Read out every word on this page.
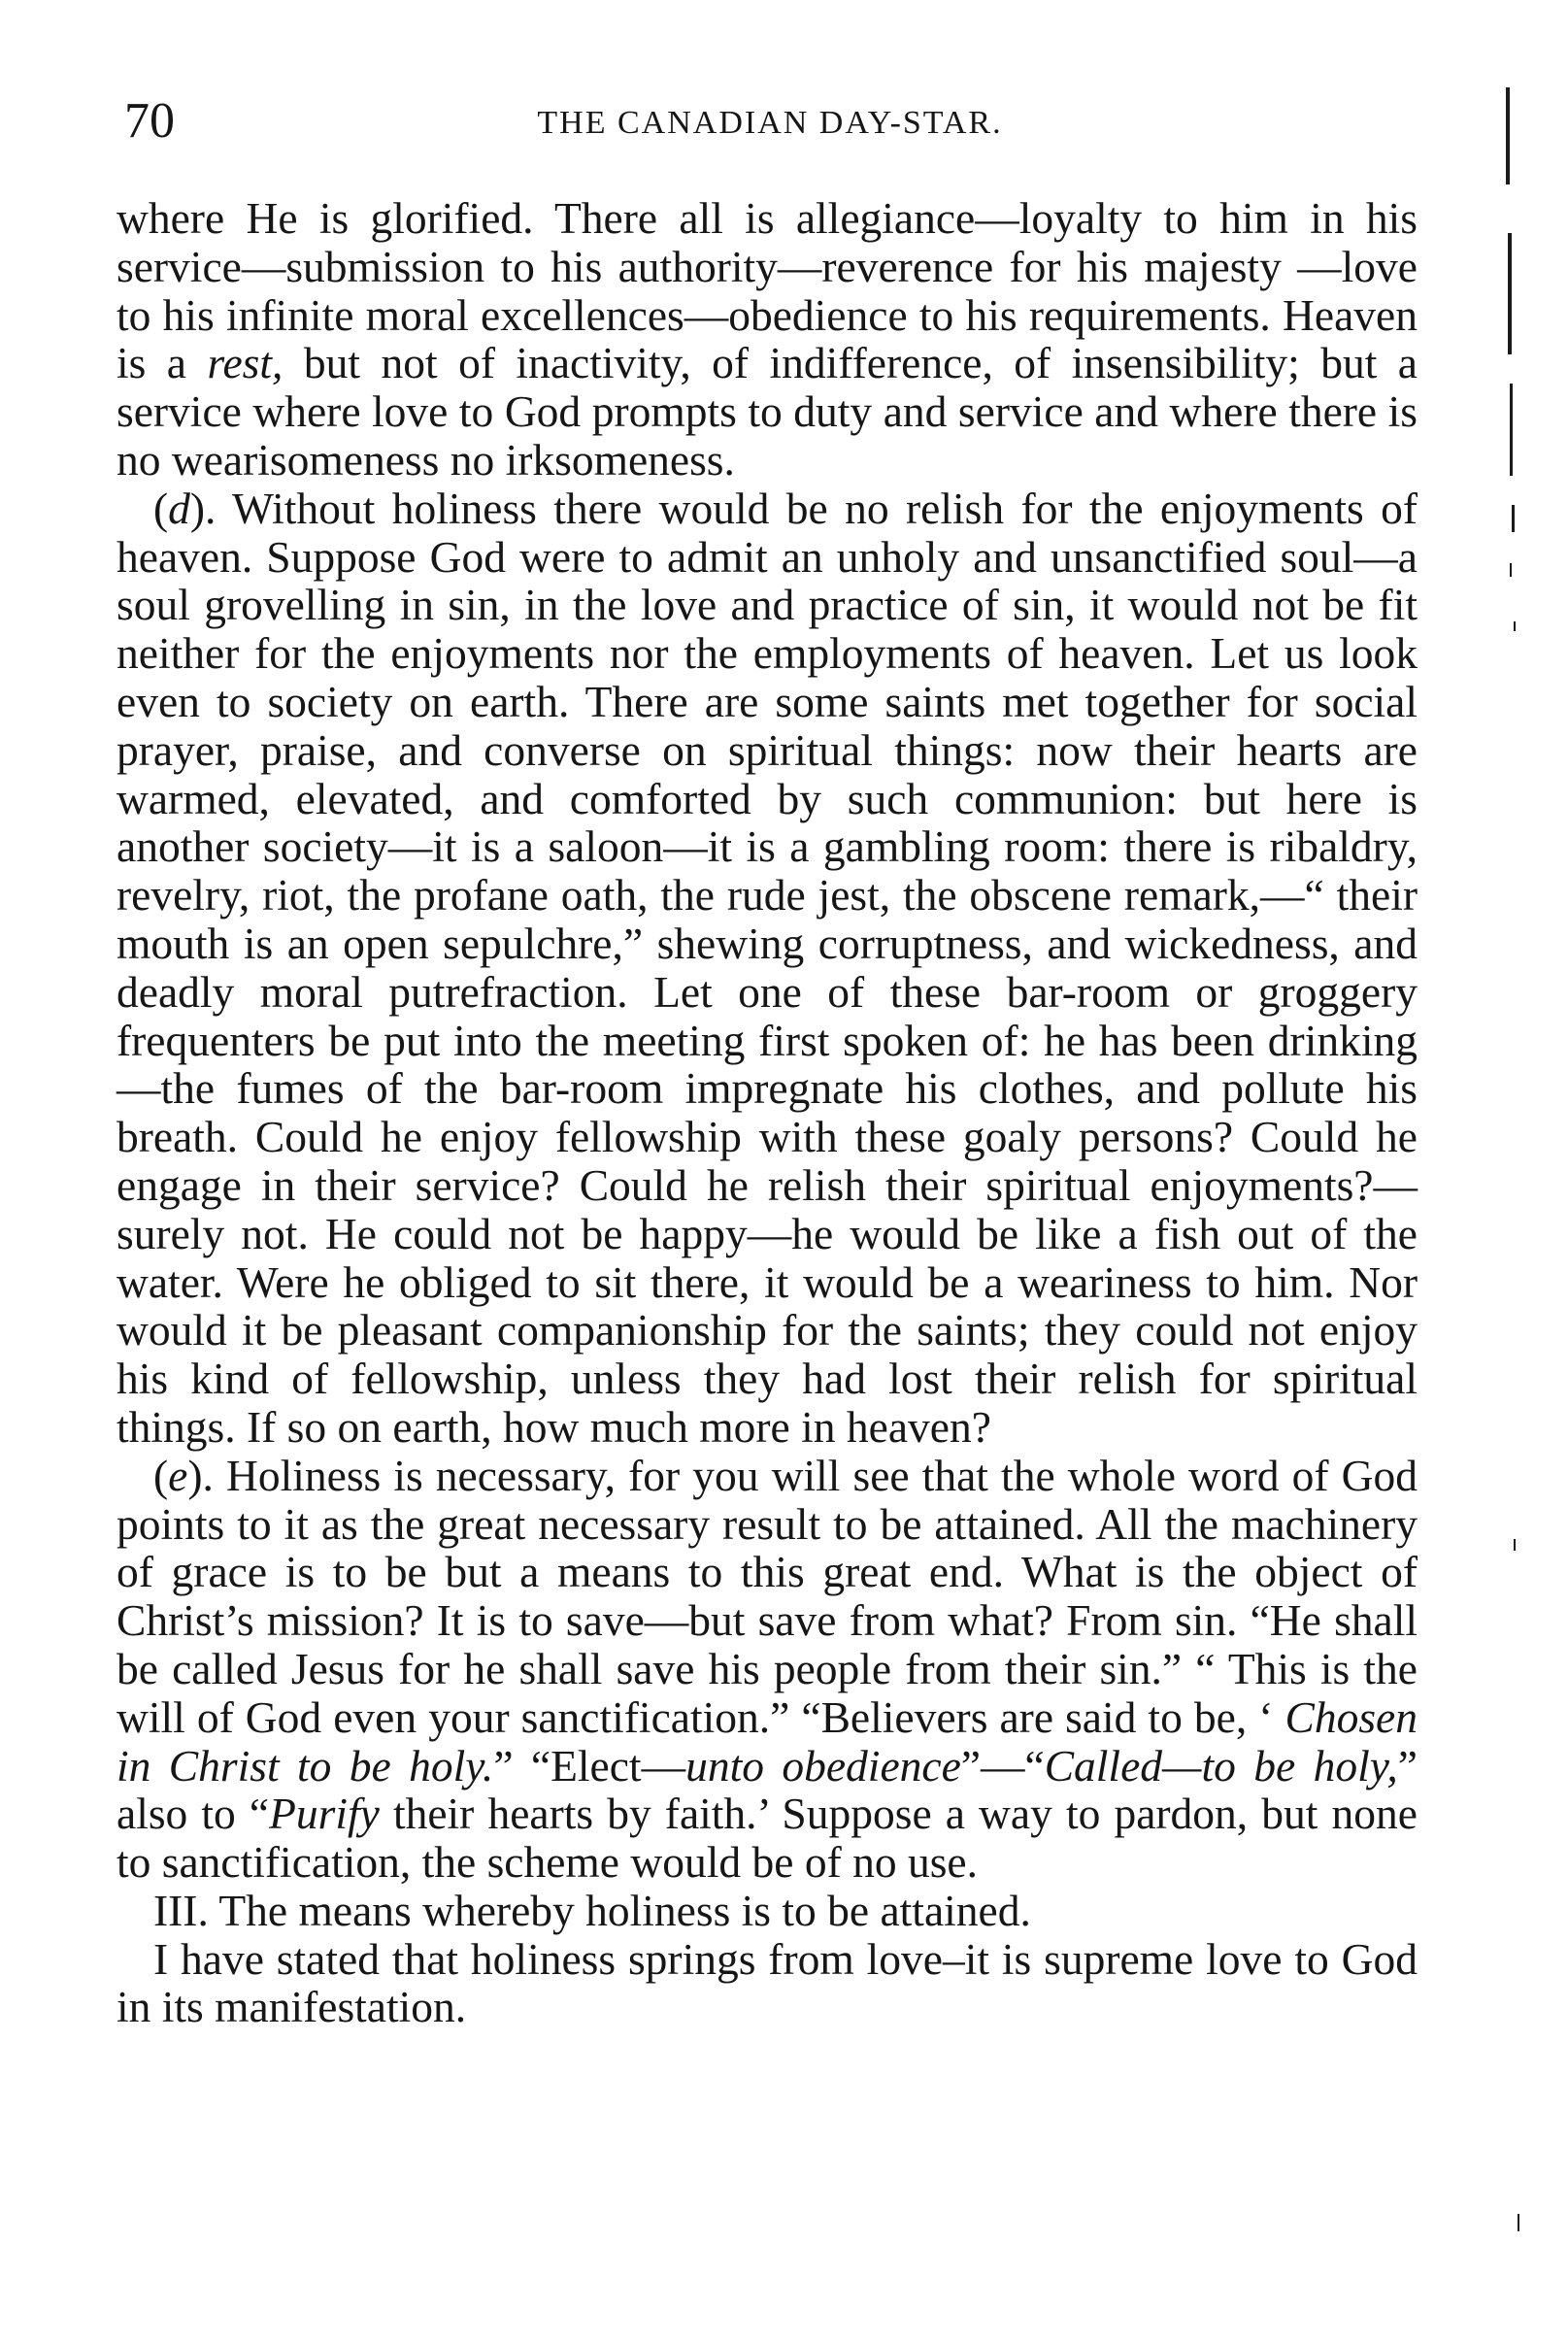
70	THE CANADIAN DAY-STAR.

where He is glorified. There all is allegiance—loyalty to him in his service—submission to his authority—reverence for his majesty —love to his infinite moral excellences—obedience to his requirements. Heaven is a rest, but not of inactivity, of indifference, of insensibility; but a service where love to God prompts to duty and service and where there is no wearisomeness no irksomeness.

(d). Without holiness there would be no relish for the enjoyments of heaven. Suppose God were to admit an unholy and unsanctified soul—a soul grovelling in sin, in the love and practice of sin, it would not be fit neither for the enjoyments nor the employments of heaven. Let us look even to society on earth. There are some saints met together for social prayer, praise, and converse on spiritual things: now their hearts are warmed, elevated, and comforted by such communion: but here is another society—it is a saloon—it is a gambling room: there is ribaldry, revelry, riot, the profane oath, the rude jest, the obscene remark,—“ their mouth is an open sepulchre,” shewing corruptness, and wickedness, and deadly moral putrefraction. Let one of these bar-room or groggery frequenters be put into the meeting first spoken of: he has been drinking—the fumes of the bar-room impregnate his clothes, and pollute his breath. Could he enjoy fellowship with these goaly persons? Could he engage in their service? Could he relish their spiritual enjoyments?—surely not. He could not be happy—he would be like a fish out of the water. Were he obliged to sit there, it would be a weariness to him. Nor would it be pleasant companionship for the saints; they could not enjoy his kind of fellowship, unless they had lost their relish for spiritual things. If so on earth, how much more in heaven?

(e). Holiness is necessary, for you will see that the whole word of God points to it as the great necessary result to be attained. All the machinery of grace is to be but a means to this great end. What is the object of Christ’s mission? It is to save—but save from what? From sin. “He shall be called Jesus for he shall save his people from their sin.” “ This is the will of God even your sanctification.” “Believers are said to be, ‘ Chosen in Christ to be holy.” “Elect—unto obedience”—“Called—to be holy,” also to “Purify their hearts by faith.’ Suppose a way to pardon, but none to sanctification, the scheme would be of no use.

III. The means whereby holiness is to be attained.

I have stated that holiness springs from love–it is supreme love to God in its manifestation.
